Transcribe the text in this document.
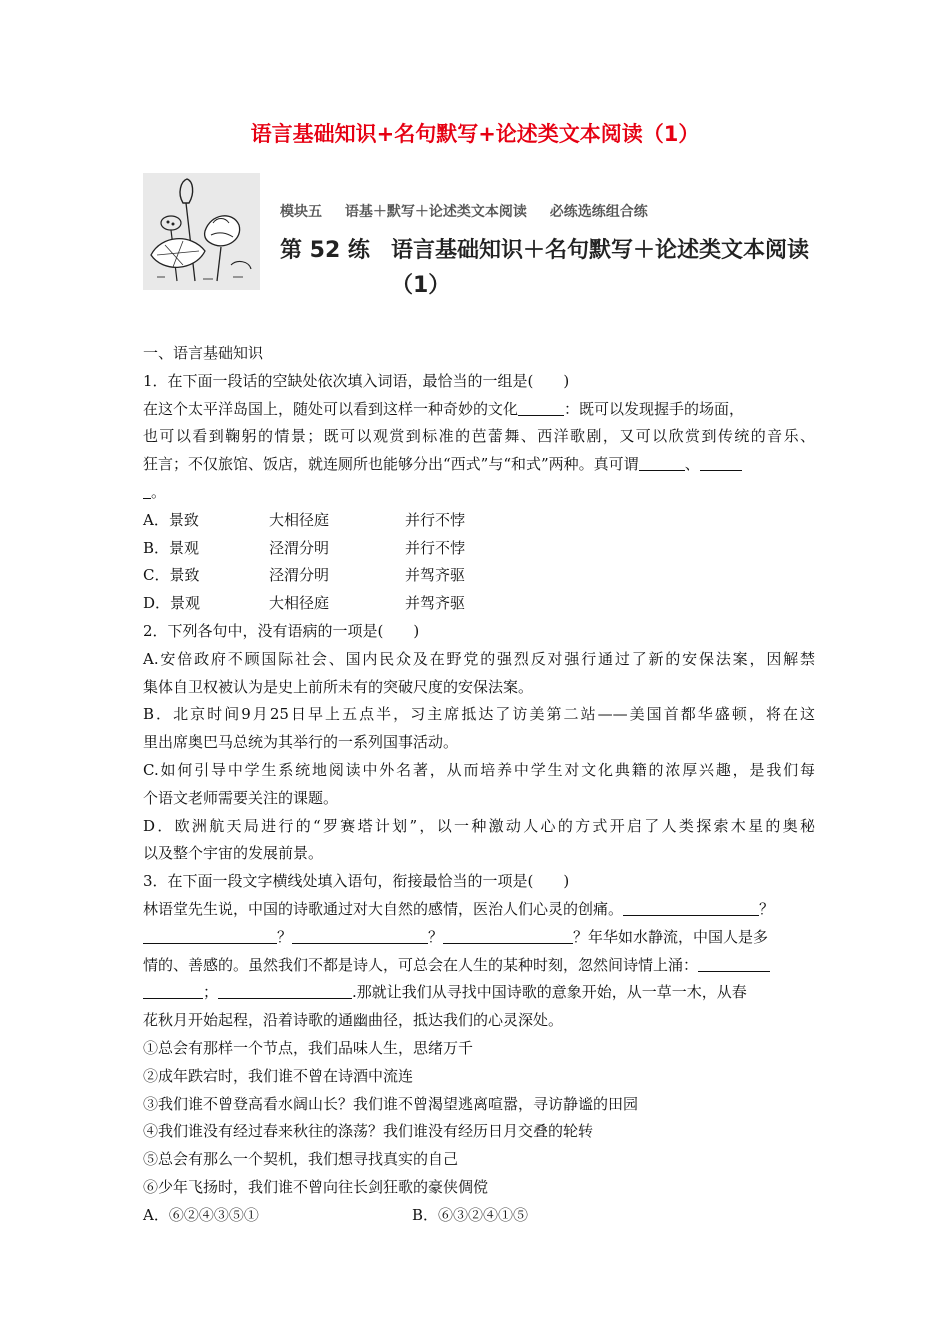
语言基础知识+名句默写+论述类文本阅读（1）
模块五 语基＋默写＋论述类文本阅读 必练选练组合练
第 52 练 语言基础知识＋名句默写＋论述类文本阅读（1）
一、语言基础知识
1．在下面一段话的空缺处依次填入词语，最恰当的一组是(　　)
在这个太平洋岛国上，随处可以看到这样一种奇妙的文化	：既可以发现握手的场面，
也可以看到鞠躬的情景；既可以观赏到标准的芭蕾舞、西洋歌剧，又可以欣赏到传统的音乐、
狂言；不仅旅馆、饭店，就连厕所也能够分出“西式”与“和式”两种。真可谓	、
。
A．景致	大相径庭	并行不悖
B．景观	泾渭分明	并行不悖
C．景致	泾渭分明	并驾齐驱
D．景观	大相径庭	并驾齐驱
2．下列各句中，没有语病的一项是(　　)
A.安倍政府不顾国际社会、国内民众及在野党的强烈反对强行通过了新的安保法案，因解禁
集体自卫权被认为是史上前所未有的突破尺度的安保法案。
B．北京时间9月25日早上五点半，习主席抵达了访美第二站——美国首都华盛顿，将在这
里出席奥巴马总统为其举行的一系列国事活动。
C.如何引导中学生系统地阅读中外名著，从而培养中学生对文化典籍的浓厚兴趣，是我们每
个语文老师需要关注的课题。
D．欧洲航天局进行的“罗赛塔计划”，以一种激动人心的方式开启了人类探索木星的奥秘
以及整个宇宙的发展前景。
3．在下面一段文字横线处填入语句，衔接最恰当的一项是(　　)
林语堂先生说，中国的诗歌通过对大自然的感情，医治人们心灵的创痛。	？
？	？	？年华如水静流，中国人是多
情的、善感的。虽然我们不都是诗人，可总会在人生的某种时刻，忽然间诗情上涌：
；	.那就让我们从寻找中国诗歌的意象开始，从一草一木，从春
花秋月开始起程，沿着诗歌的通幽曲径，抵达我们的心灵深处。
①总会有那样一个节点，我们品味人生，思绪万千
②成年跌宕时，我们谁不曾在诗酒中流连
③我们谁不曾登高看水阔山长？我们谁不曾渴望逃离喧嚣，寻访静谧的田园
④我们谁没有经过春来秋往的涤荡？我们谁没有经历日月交叠的轮转
⑤总会有那么一个契机，我们想寻找真实的自己
⑥少年飞扬时，我们谁不曾向往长剑狂歌的豪侠倜傥
A．⑥②④③⑤①	B．⑥③②④①⑤
